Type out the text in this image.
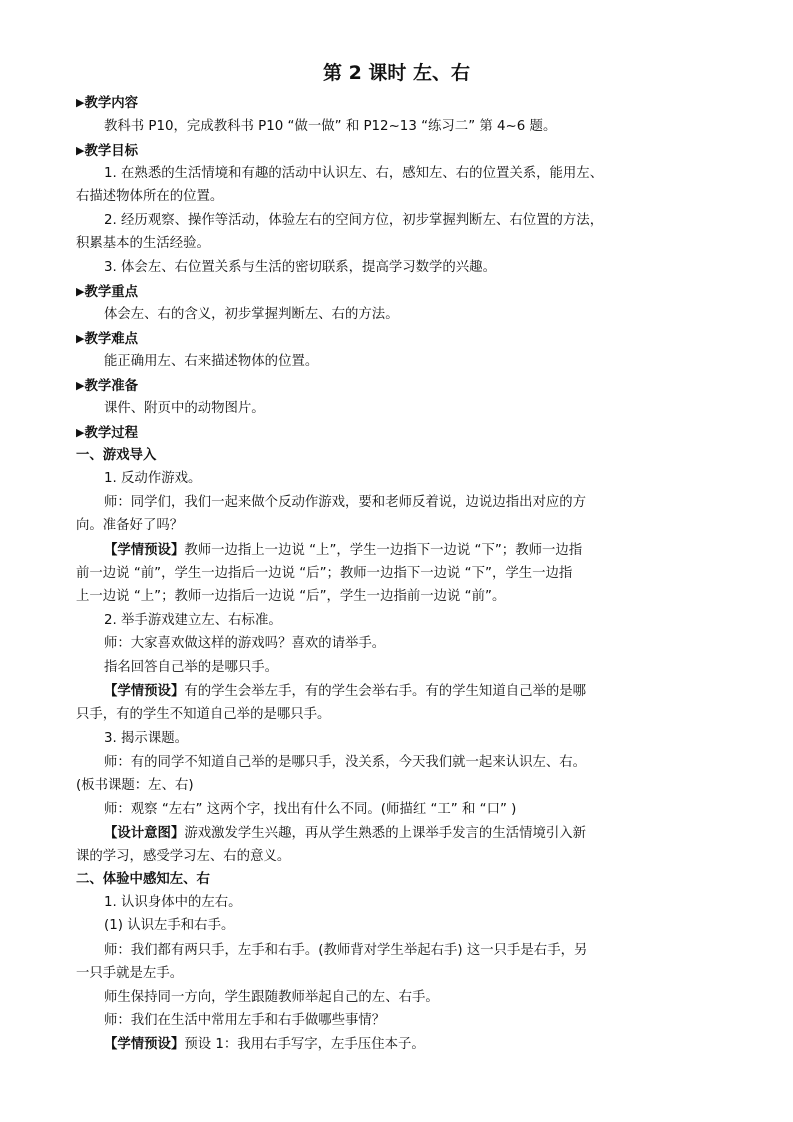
第 2 课时 左、右
▶教学内容
教科书 P10，完成教科书 P10 “做一做” 和 P12~13 “练习二” 第 4~6 题。
▶教学目标
1. 在熟悉的生活情境和有趣的活动中认识左、右，感知左、右的位置关系，能用左、
右描述物体所在的位置。
2. 经历观察、操作等活动，体验左右的空间方位，初步掌握判断左、右位置的方法，
积累基本的生活经验。
3. 体会左、右位置关系与生活的密切联系，提高学习数学的兴趣。
▶教学重点
体会左、右的含义，初步掌握判断左、右的方法。
▶教学难点
能正确用左、右来描述物体的位置。
▶教学准备
课件、附页中的动物图片。
▶教学过程
一、游戏导入
1. 反动作游戏。
师：同学们，我们一起来做个反动作游戏，要和老师反着说，边说边指出对应的方
向。准备好了吗？
【学情预设】教师一边指上一边说 “上”，学生一边指下一边说 “下”；教师一边指
前一边说 “前”，学生一边指后一边说 “后”；教师一边指下一边说 “下”，学生一边指
上一边说 “上”；教师一边指后一边说 “后”，学生一边指前一边说 “前”。
2. 举手游戏建立左、右标准。
师：大家喜欢做这样的游戏吗？喜欢的请举手。
指名回答自己举的是哪只手。
【学情预设】有的学生会举左手，有的学生会举右手。有的学生知道自己举的是哪
只手，有的学生不知道自己举的是哪只手。
3. 揭示课题。
师：有的同学不知道自己举的是哪只手，没关系，今天我们就一起来认识左、右。
(板书课题：左、右)
师：观察 “左右” 这两个字，找出有什么不同。(师描红 “工” 和 “口” )
【设计意图】游戏激发学生兴趣，再从学生熟悉的上课举手发言的生活情境引入新
课的学习，感受学习左、右的意义。
二、体验中感知左、右
1. 认识身体中的左右。
(1) 认识左手和右手。
师：我们都有两只手，左手和右手。(教师背对学生举起右手) 这一只手是右手，另
一只手就是左手。
师生保持同一方向，学生跟随教师举起自己的左、右手。
师：我们在生活中常用左手和右手做哪些事情？
【学情预设】预设 1：我用右手写字，左手压住本子。
